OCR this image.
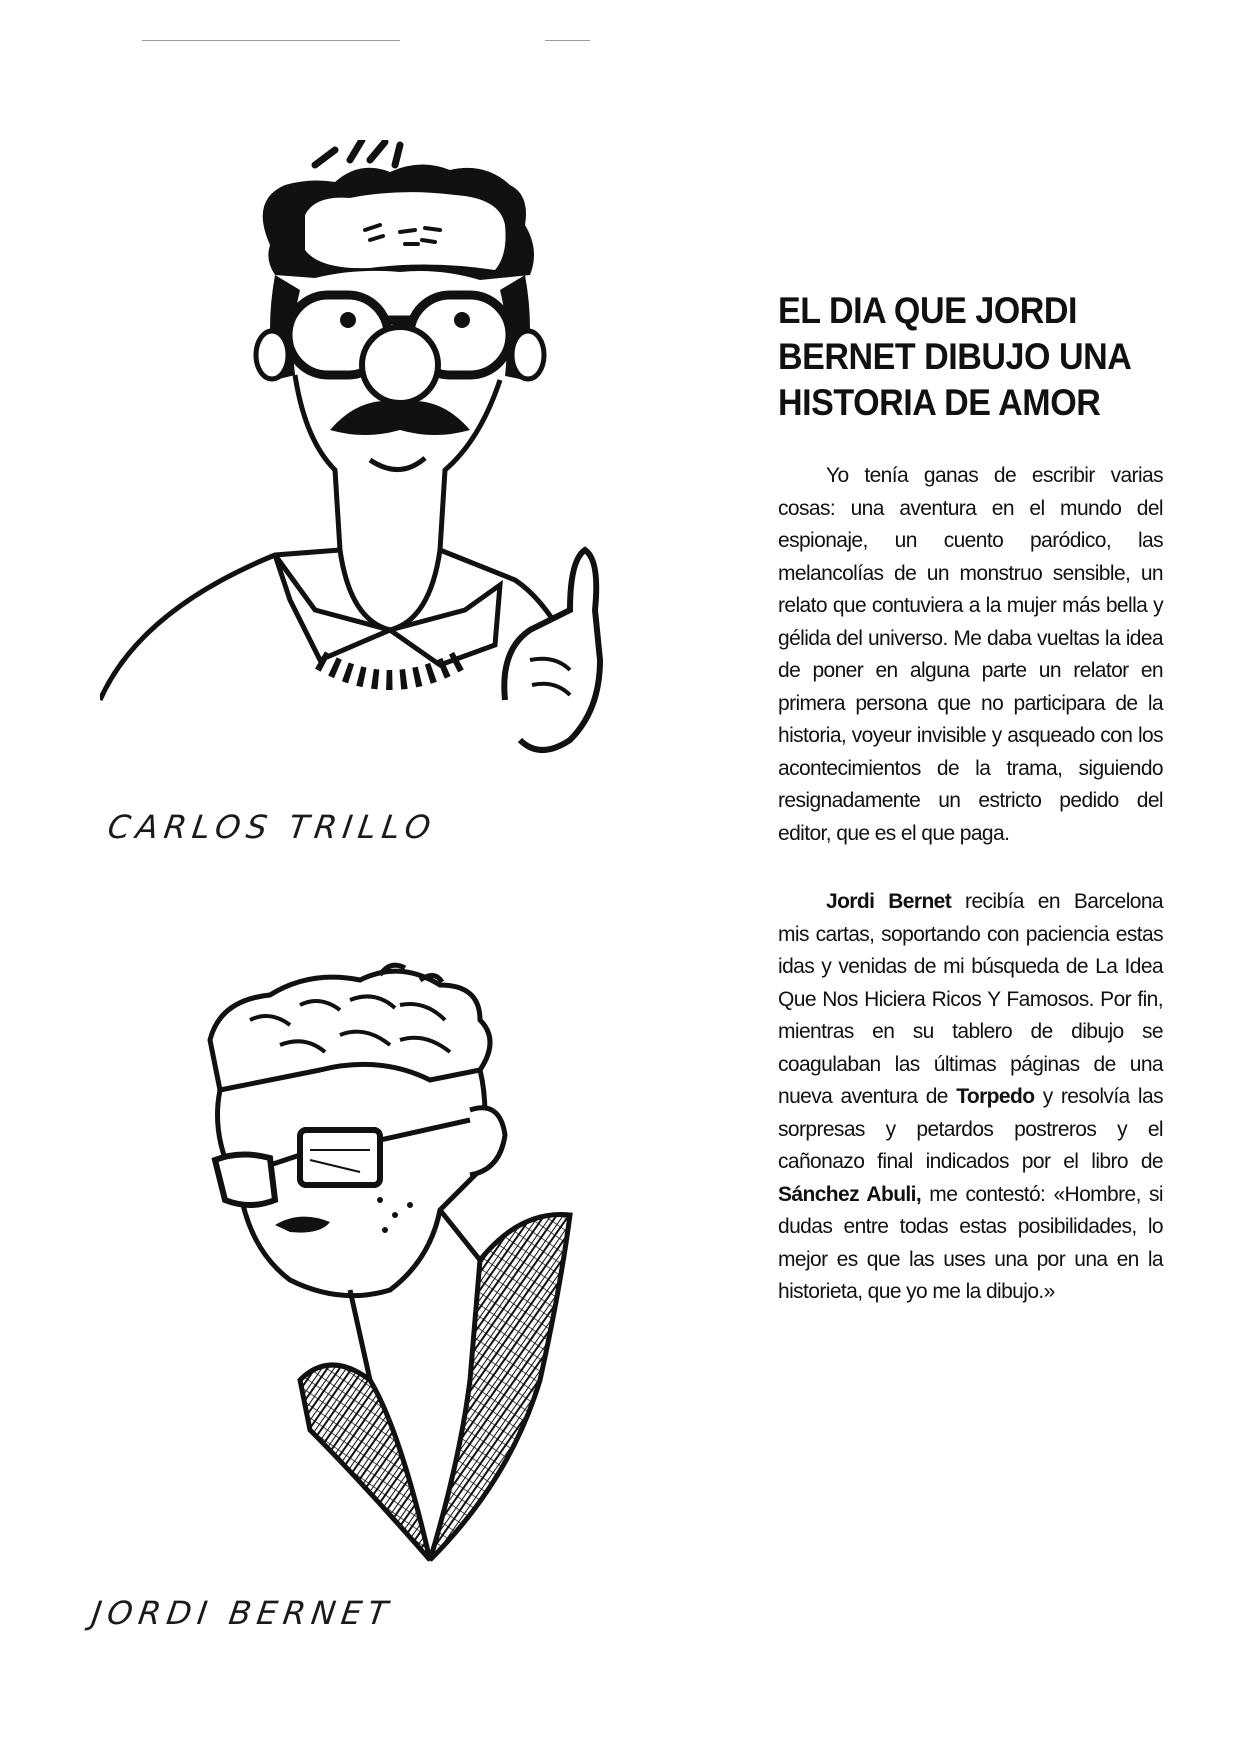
CARLOS TRILLO
JORDI BERNET
EL DIA QUE JORDI
BERNET DIBUJO UNA
HISTORIA DE AMOR

Yo tenía ganas de escribir varias cosas: una aventura en el mundo del espionaje, un cuento paródico, las melancolías de un monstruo sensible, un relato que contuviera a la mujer más bella y gélida del universo. Me daba vueltas la idea de poner en alguna parte un relator en primera persona que no participara de la historia, voyeur invisible y asqueado con los acontecimientos de la trama, siguiendo resignadamente un estricto pedido del editor, que es el que paga.

Jordi Bernet recibía en Barcelona mis cartas, soportando con paciencia estas idas y venidas de mi búsqueda de La Idea Que Nos Hiciera Ricos Y Famosos. Por fin, mientras en su tablero de dibujo se coagulaban las últimas páginas de una nueva aventura de Torpedo y resolvía las sorpresas y petardos postreros y el cañonazo final indicados por el libro de Sánchez Abuli, me contestó: «Hombre, si dudas entre todas estas posibilidades, lo mejor es que las uses una por una en la historieta, que yo me la dibujo.»
